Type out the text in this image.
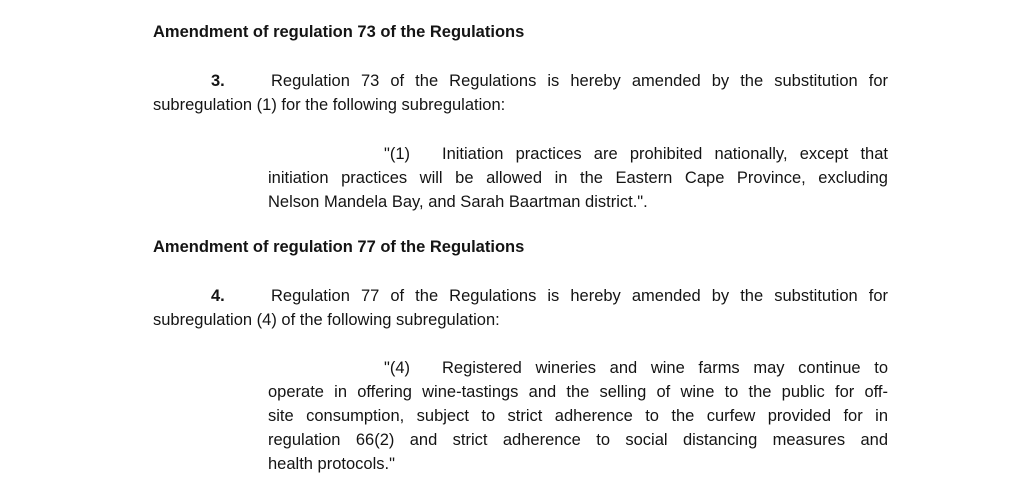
Amendment of regulation 73 of the Regulations
3.	Regulation 73 of the Regulations is hereby amended by the substitution for
subregulation (1) for the following subregulation:
"(1) Initiation practices are prohibited nationally, except that
initiation practices will be allowed in the Eastern Cape Province, excluding
Nelson Mandela Bay, and Sarah Baartman district.".
Amendment of regulation 77 of the Regulations
4.	Regulation 77 of the Regulations is hereby amended by the substitution for
subregulation (4) of the following subregulation:
"(4) Registered wineries and wine farms may continue to
operate in offering wine-tastings and the selling of wine to the public for off-
site consumption, subject to strict adherence to the curfew provided for in
regulation 66(2) and strict adherence to social distancing measures and
health protocols."
